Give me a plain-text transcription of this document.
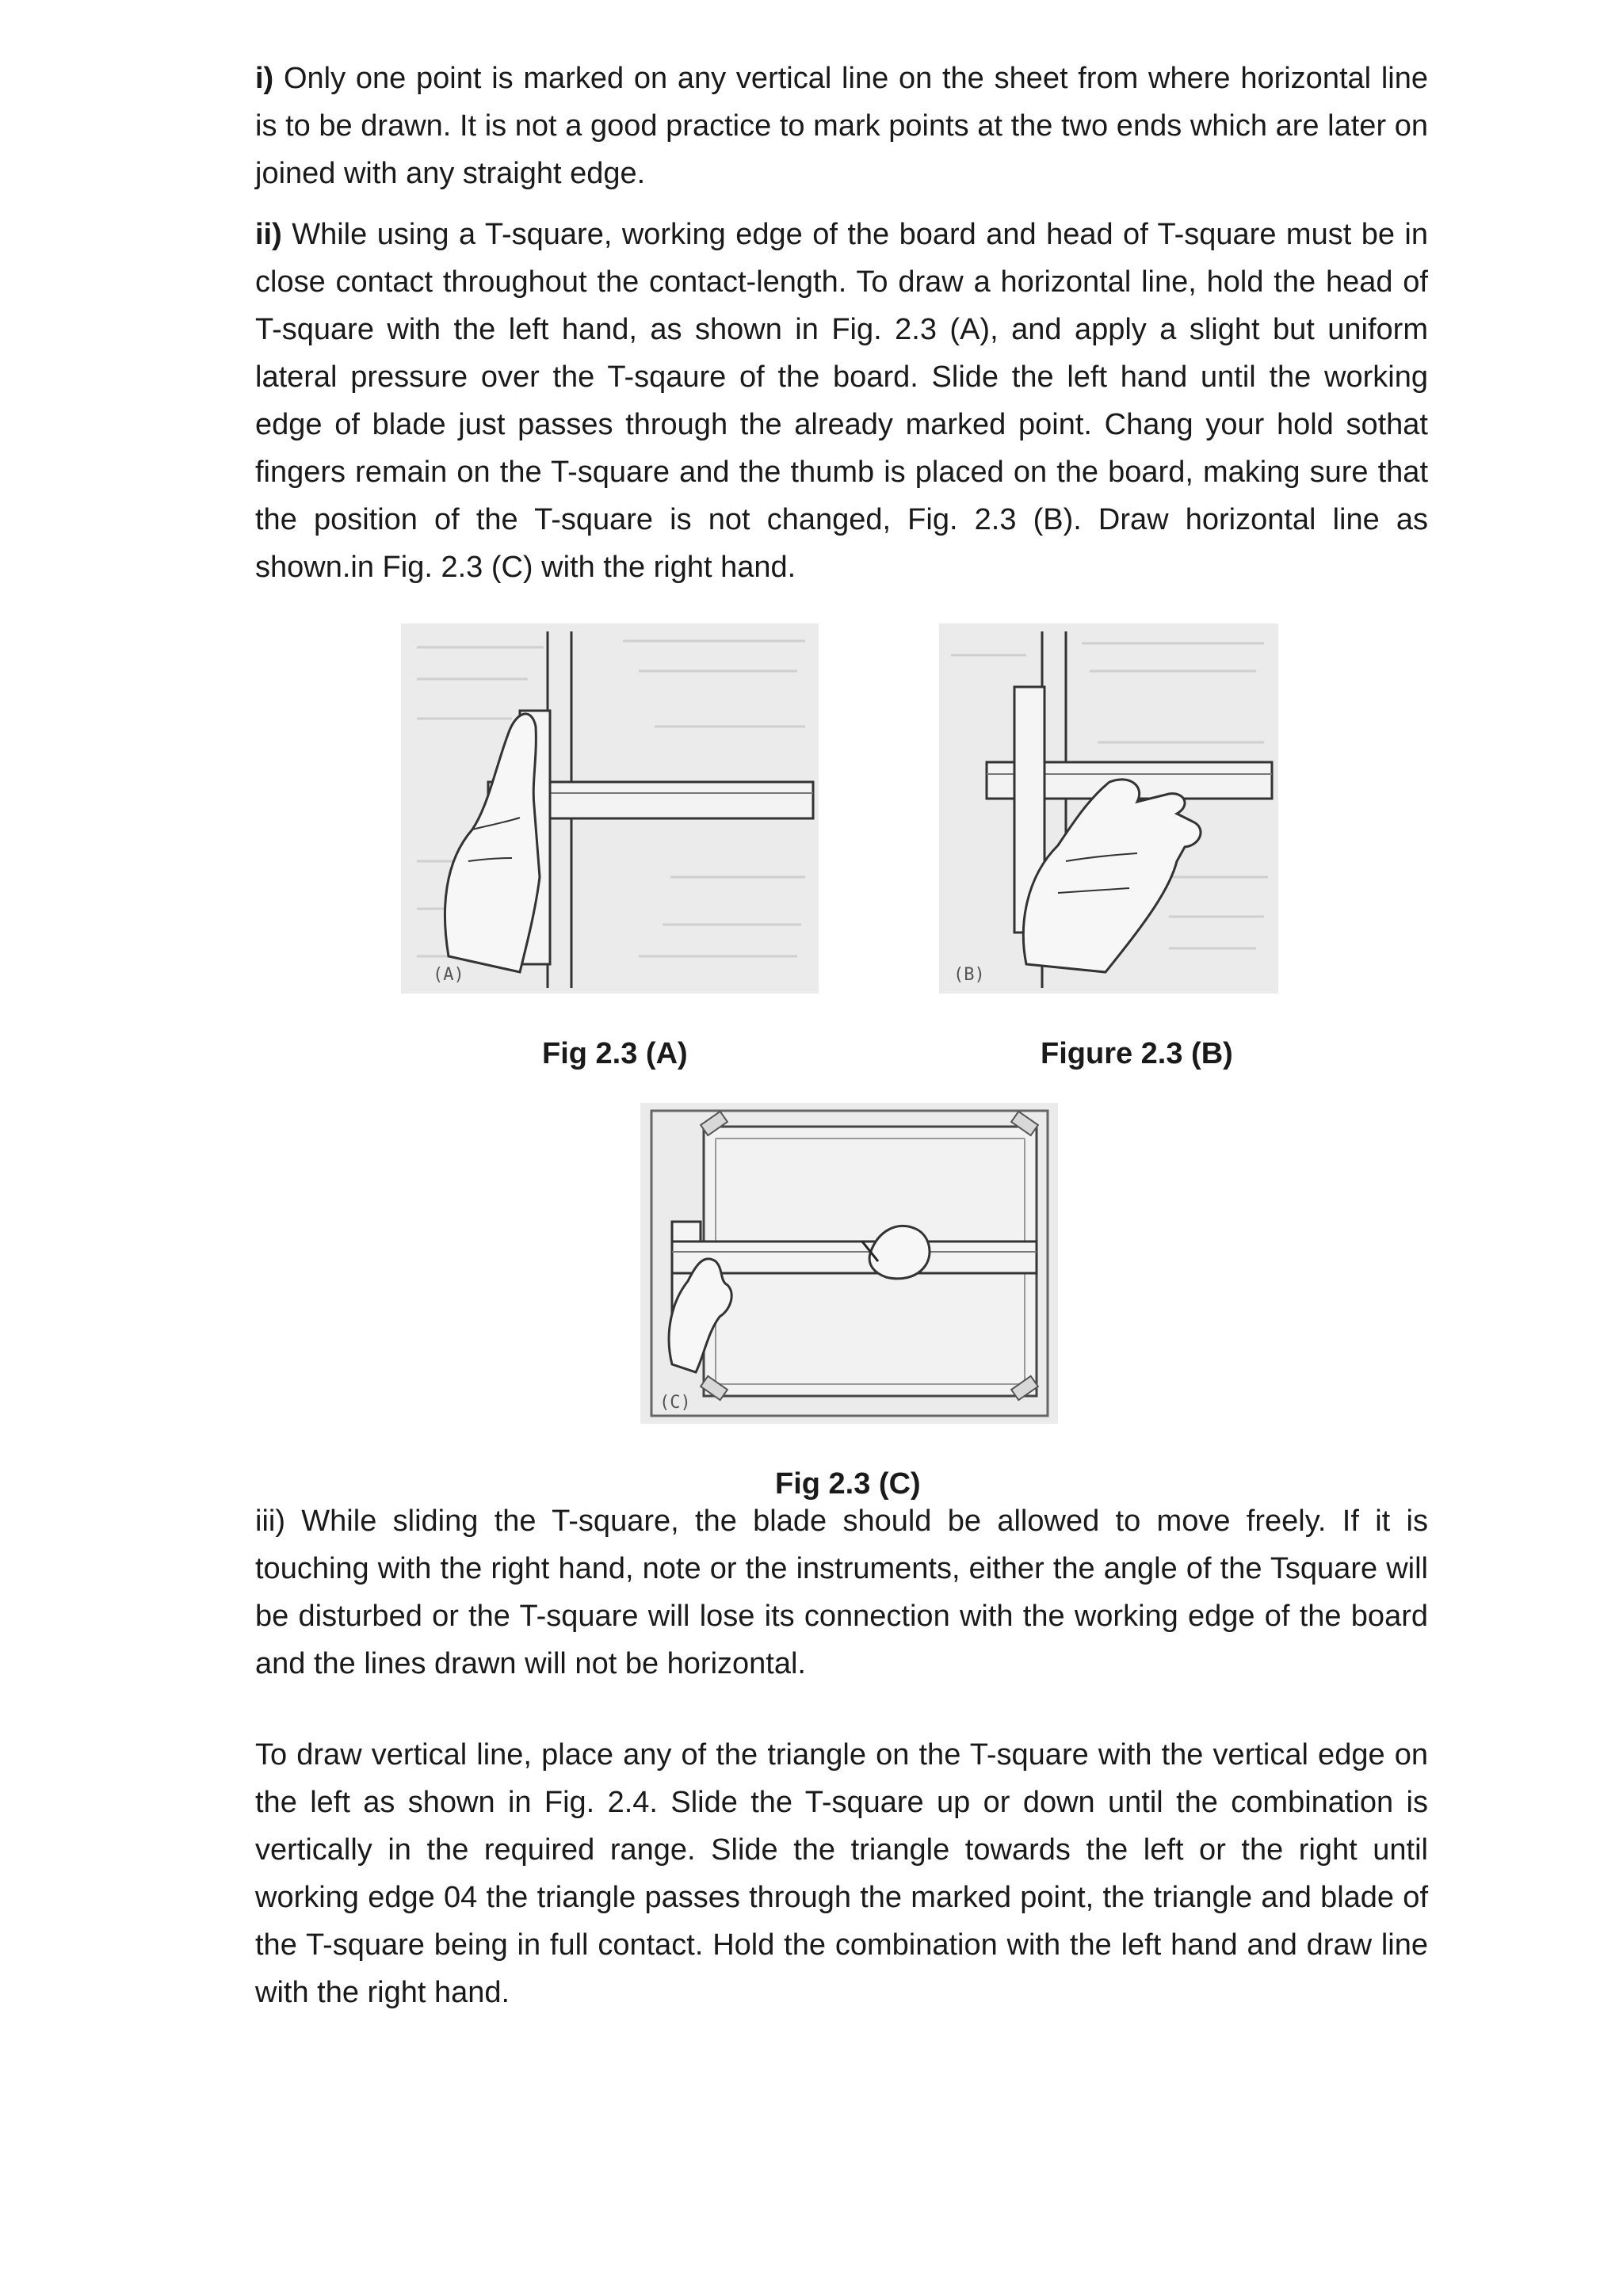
i) Only one point is marked on any vertical line on the sheet from where horizontal line is to be drawn. It is not a good practice to mark points at the two ends which are later on joined with any straight edge.

ii) While using a T-square, working edge of the board and head of T-square must be in close contact throughout the contact-length. To draw a horizontal line, hold the head of T-square with the left hand, as shown in Fig. 2.3 (A), and apply a slight but uniform lateral pressure over the T-sqaure of the board. Slide the left hand until the working edge of blade just passes through the already marked point. Chang your hold sothat fingers remain on the T-square and the thumb is placed on the board, making sure that the position of the T-square is not changed, Fig. 2.3 (B). Draw horizontal line as shown.in Fig. 2.3 (C) with the right hand.

(A)	(B)
Fig 2.3 (A)	Figure 2.3 (B)
(C)
Fig 2.3 (C)

iii) While sliding the T-square, the blade should be allowed to move freely. If it is touching with the right hand, note or the instruments, either the angle of the Tsquare will be disturbed or the T-square will lose its connection with the working edge of the board and the lines drawn will not be horizontal.

To draw vertical line, place any of the triangle on the T-square with the vertical edge on the left as shown in Fig. 2.4. Slide the T-square up or down until the combination is vertically in the required range. Slide the triangle towards the left or the right until working edge 04 the triangle passes through the marked point, the triangle and blade of the T-square being in full contact. Hold the combination with the left hand and draw line with the right hand.
